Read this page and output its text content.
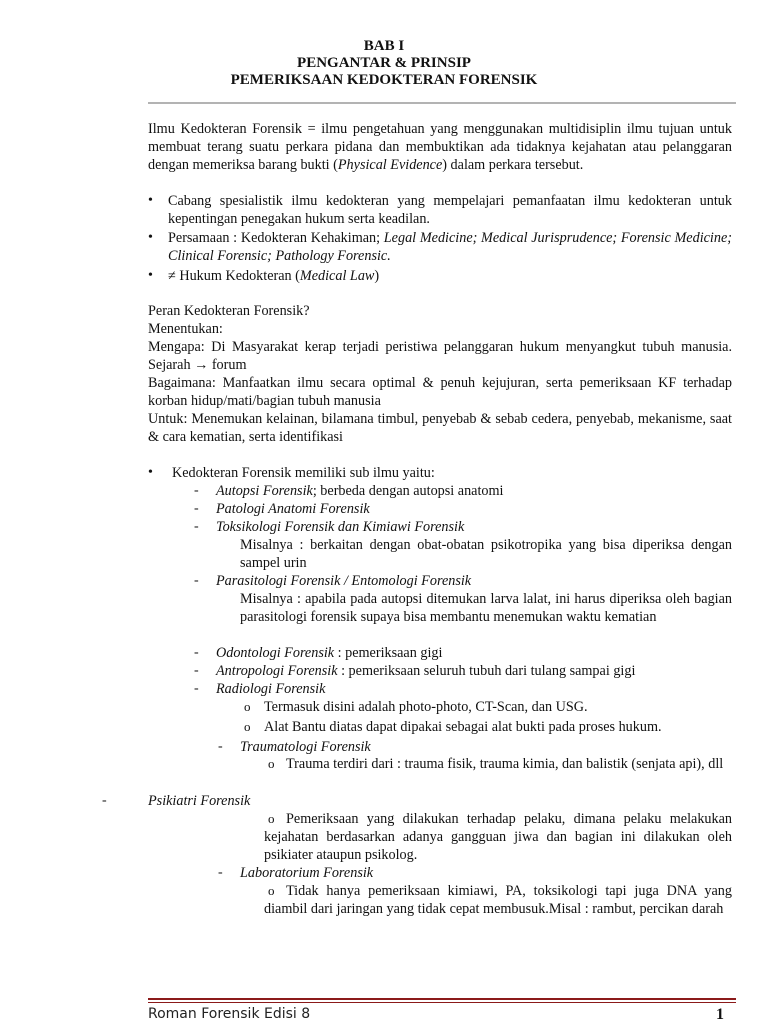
BAB I
PENGANTAR & PRINSIP
PEMERIKSAAN KEDOKTERAN FORENSIK
Ilmu Kedokteran Forensik = ilmu pengetahuan yang menggunakan multidisiplin ilmu tujuan untuk membuat terang suatu perkara pidana dan membuktikan ada tidaknya kejahatan atau pelanggaran dengan memeriksa barang bukti (Physical Evidence) dalam perkara tersebut.
• Cabang spesialistik ilmu kedokteran yang mempelajari pemanfaatan ilmu kedokteran untuk kepentingan penegakan hukum serta keadilan.
• Persamaan : Kedokteran Kehakiman; Legal Medicine; Medical Jurisprudence; Forensic Medicine; Clinical Forensic; Pathology Forensic.
• ≠ Hukum Kedokteran (Medical Law)
Peran Kedokteran Forensik?
Menentukan:
Mengapa: Di Masyarakat kerap terjadi peristiwa pelanggaran hukum menyangkut tubuh manusia. Sejarah → forum
Bagaimana: Manfaatkan ilmu secara optimal & penuh kejujuran, serta pemeriksaan KF terhadap korban hidup/mati/bagian tubuh manusia
Untuk: Menemukan kelainan, bilamana timbul, penyebab & sebab cedera, penyebab, mekanisme, saat & cara kematian, serta identifikasi
• Kedokteran Forensik memiliki sub ilmu yaitu:
- Autopsi Forensik; berbeda dengan autopsi anatomi
- Patologi Anatomi Forensik
- Toksikologi Forensik dan Kimiawi Forensik
Misalnya : berkaitan dengan obat-obatan psikotropika yang bisa diperiksa dengan sampel urin
- Parasitologi Forensik / Entomologi Forensik
Misalnya : apabila pada autopsi ditemukan larva lalat, ini harus diperiksa oleh bagian parasitologi forensik supaya bisa membantu menemukan waktu kematian
- Odontologi Forensik : pemeriksaan gigi
- Antropologi Forensik : pemeriksaan seluruh tubuh dari tulang sampai gigi
- Radiologi Forensik
o Termasuk disini adalah photo-photo, CT-Scan, dan USG.
o Alat Bantu diatas dapat dipakai sebagai alat bukti pada proses hukum.
- Traumatologi Forensik
o Trauma terdiri dari : trauma fisik, trauma kimia, dan balistik (senjata api), dll
-	Psikiatri Forensik
o Pemeriksaan yang dilakukan terhadap pelaku, dimana pelaku melakukan kejahatan berdasarkan adanya gangguan jiwa dan bagian ini dilakukan oleh psikiater ataupun psikolog.
- Laboratorium Forensik
o Tidak hanya pemeriksaan kimiawi, PA, toksikologi tapi juga DNA yang diambil dari jaringan yang tidak cepat membusuk.Misal : rambut, percikan darah
Roman Forensik Edisi 8	1
